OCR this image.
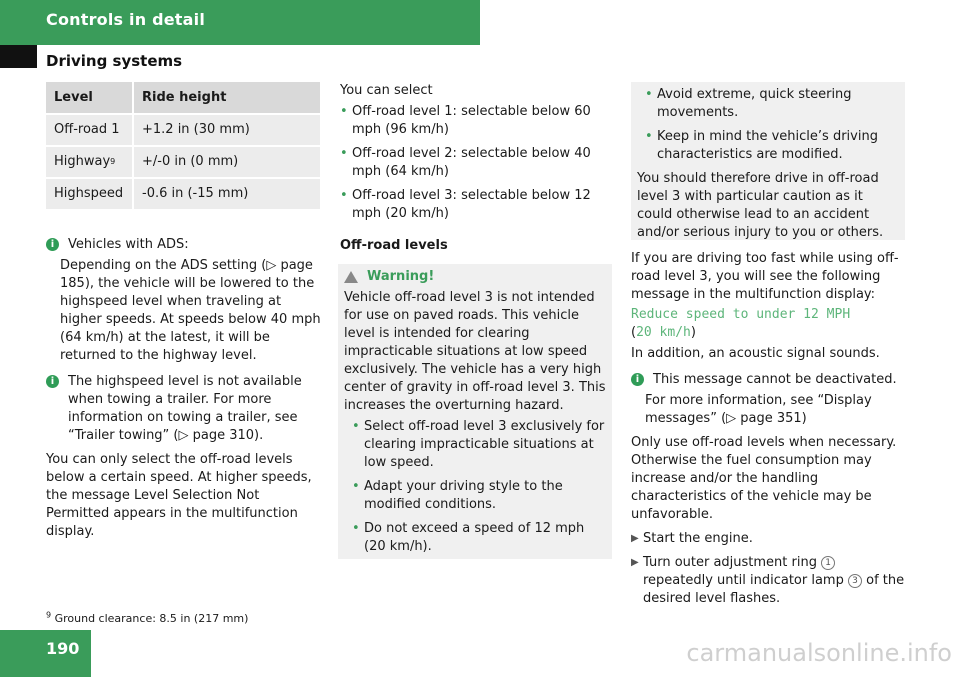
Controls in detail
Driving systems
Level	Ride height
Off-road 1	+1.2 in (30 mm)
Highway 9	+/-0 in (0 mm)
Highspeed	-0.6 in (-15 mm)
i	Vehicles with ADS:

Depending on the ADS setting (▷ page 185), the vehicle will be lowered to the highspeed level when traveling at higher speeds. At speeds below 40 mph (64 km/h) at the latest, it will be returned to the highway level.

i	The highspeed level is not available when towing a trailer. For more information on towing a trailer, see “Trailer towing” (▷ page 310).

You can only select the off-road levels below a certain speed. At higher speeds, the message Level Selection Not Permitted appears in the multifunction display.

You can select

• Off-road level 1: selectable below 60 mph (96 km/h)
• Off-road level 2: selectable below 40 mph (64 km/h)
• Off-road level 3: selectable below 12 mph (20 km/h)

Off-road levels

Warning!

Vehicle off-road level 3 is not intended for use on paved roads. This vehicle level is intended for clearing impracticable situations at low speed exclusively. The vehicle has a very high center of gravity in off-road level 3. This increases the overturning hazard.

• Select off-road level 3 exclusively for clearing impracticable situations at low speed.
• Adapt your driving style to the modified conditions.
• Do not exceed a speed of 12 mph (20 km/h).
• Avoid extreme, quick steering movements.
• Keep in mind the vehicle’s driving characteristics are modified.

You should therefore drive in off-road level 3 with particular caution as it could otherwise lead to an accident and/or serious injury to you or others.

If you are driving too fast while using off-road level 3, you will see the following message in the multifunction display:

Reduce speed to under 12 MPH
(20 km/h)

In addition, an acoustic signal sounds.

i	This message cannot be deactivated.

For more information, see “Display messages” (▷ page 351)

Only use off-road levels when necessary. Otherwise the fuel consumption may increase and/or the handling characteristics of the vehicle may be unfavorable.

▶ Start the engine.
▶ Turn outer adjustment ring 1 repeatedly until indicator lamp 3 of the desired level flashes.
$^9$ Ground clearance: 8.5 in (217 mm)
190	carmanualsonline.info
